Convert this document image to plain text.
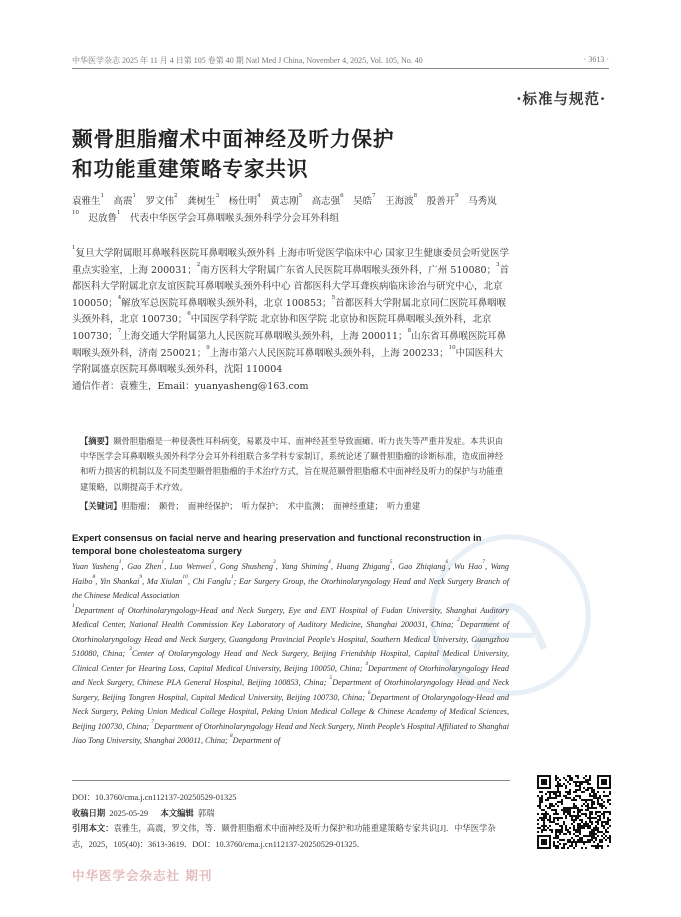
中华医学杂志 2025 年 11 月 4 日第 105 卷第 40 期 Natl Med J China, November 4, 2025, Vol. 105, No. 40	· 3613 ·
·标准与规范·
颞骨胆脂瘤术中面神经及听力保护
和功能重建策略专家共识
袁雅生$^1$  高震$^1$  罗文伟$^2$  龚树生$^3$  杨仕明$^4$  黄志刚$^5$  高志强$^6$  吴皓$^7$  王海波$^8$  殷善开$^9$  马秀岚$^{10}$  迟放鲁$^1$  代表中华医学会耳鼻咽喉头颈外科学分会耳外科组
$^1$复旦大学附属眼耳鼻喉科医院耳鼻咽喉头颈外科 上海市听觉医学临床中心 国家卫生健康委员会听觉医学重点实验室，上海 200031；$^2$南方医科大学附属广东省人民医院耳鼻咽喉头颈外科，广州 510080；$^3$首都医科大学附属北京友谊医院耳鼻咽喉头颈外科中心 首都医科大学耳聋疾病临床诊治与研究中心，北京 100050；$^4$解放军总医院耳鼻咽喉头颈外科，北京 100853；$^5$首都医科大学附属北京同仁医院耳鼻咽喉头颈外科，北京 100730；$^6$中国医学科学院 北京协和医学院 北京协和医院耳鼻咽喉头颈外科，北京 100730；$^7$上海交通大学附属第九人民医院耳鼻咽喉头颈外科，上海 200011；$^8$山东省耳鼻喉医院耳鼻咽喉头颈外科，济南 250021；$^9$上海市第六人民医院耳鼻咽喉头颈外科，上海 200233；$^{10}$中国医科大学附属盛京医院耳鼻咽喉头颈外科，沈阳 110004
通信作者：袁雅生，Email：yuanyasheng@163.com
【摘要】颞骨胆脂瘤是一种侵袭性耳科病变，易累及中耳、面神经甚至导致面瘫、听力丧失等严重并发症。本共识由中华医学会耳鼻咽喉头颈外科学分会耳外科组联合多学科专家制订，系统论述了颞骨胆脂瘤的诊断标准，造成面神经和听力损害的机制以及不同类型颞骨胆脂瘤的手术治疗方式，旨在规范颞骨胆脂瘤术中面神经及听力的保护与功能重建策略，以期提高手术疗效。
【关键词】胆脂瘤；　颞骨；　面神经保护；　听力保护；　术中监测；　面神经重建；　听力重建
Expert consensus on facial nerve and hearing preservation and functional reconstruction in temporal bone cholesteatoma surgery
Yuan Yasheng$^1$, Gao Zhen$^1$, Luo Wenwei$^2$, Gong Shusheng$^3$, Yang Shiming$^4$, Huang Zhigang$^5$, Gao Zhiqiang$^6$, Wu Hao$^7$, Wang Haibo$^8$, Yin Shankai$^9$, Ma Xiulan$^{10}$, Chi Fanglu$^1$; Ear Surgery Group, the Otorhinolaryngology Head and Neck Surgery Branch of the Chinese Medical Association
$^1$Department of Otorhinolaryngology-Head and Neck Surgery, Eye and ENT Hospital of Fudan University, Shanghai Auditory Medical Center, National Health Commission Key Laboratory of Auditory Medicine, Shanghai 200031, China; $^2$Department of Otorhinolaryngology Head and Neck Surgery, Guangdong Provincial People's Hospital, Southern Medical University, Guangzhou 510080, China; $^3$Center of Otolaryngology Head and Neck Surgery, Beijing Friendship Hospital, Capital Medical University, Clinical Center for Hearing Loss, Capital Medical University, Beijing 100050, China; $^4$Department of Otorhinolaryngology Head and Neck Surgery, Chinese PLA General Hospital, Beijing 100853, China; $^5$Department of Otorhinolaryngology Head and Neck Surgery, Beijing Tongren Hospital, Capital Medical University, Beijing 100730, China; $^6$Department of Otolaryngology-Head and Neck Surgery, Peking Union Medical College Hospital, Peking Union Medical College & Chinese Academy of Medical Sciences, Beijing 100730, China; $^7$Department of Otorhinolaryngology Head and Neck Surgery, Ninth People's Hospital Affiliated to Shanghai Jiao Tong University, Shanghai 200011, China; $^8$Department of
DOI：10.3760/cma.j.cn112137-20250529-01325
收稿日期 2025-05-29 本文编辑 郭瑞
引用本文：袁雅生，高震，罗文伟，等．颞骨胆脂瘤术中面神经及听力保护和功能重建策略专家共识[J]．中华医学杂志，2025，105(40)：3613-3619．DOI：10.3760/cma.j.cn112137-20250529-01325．
中华医学会杂志社 期刊
